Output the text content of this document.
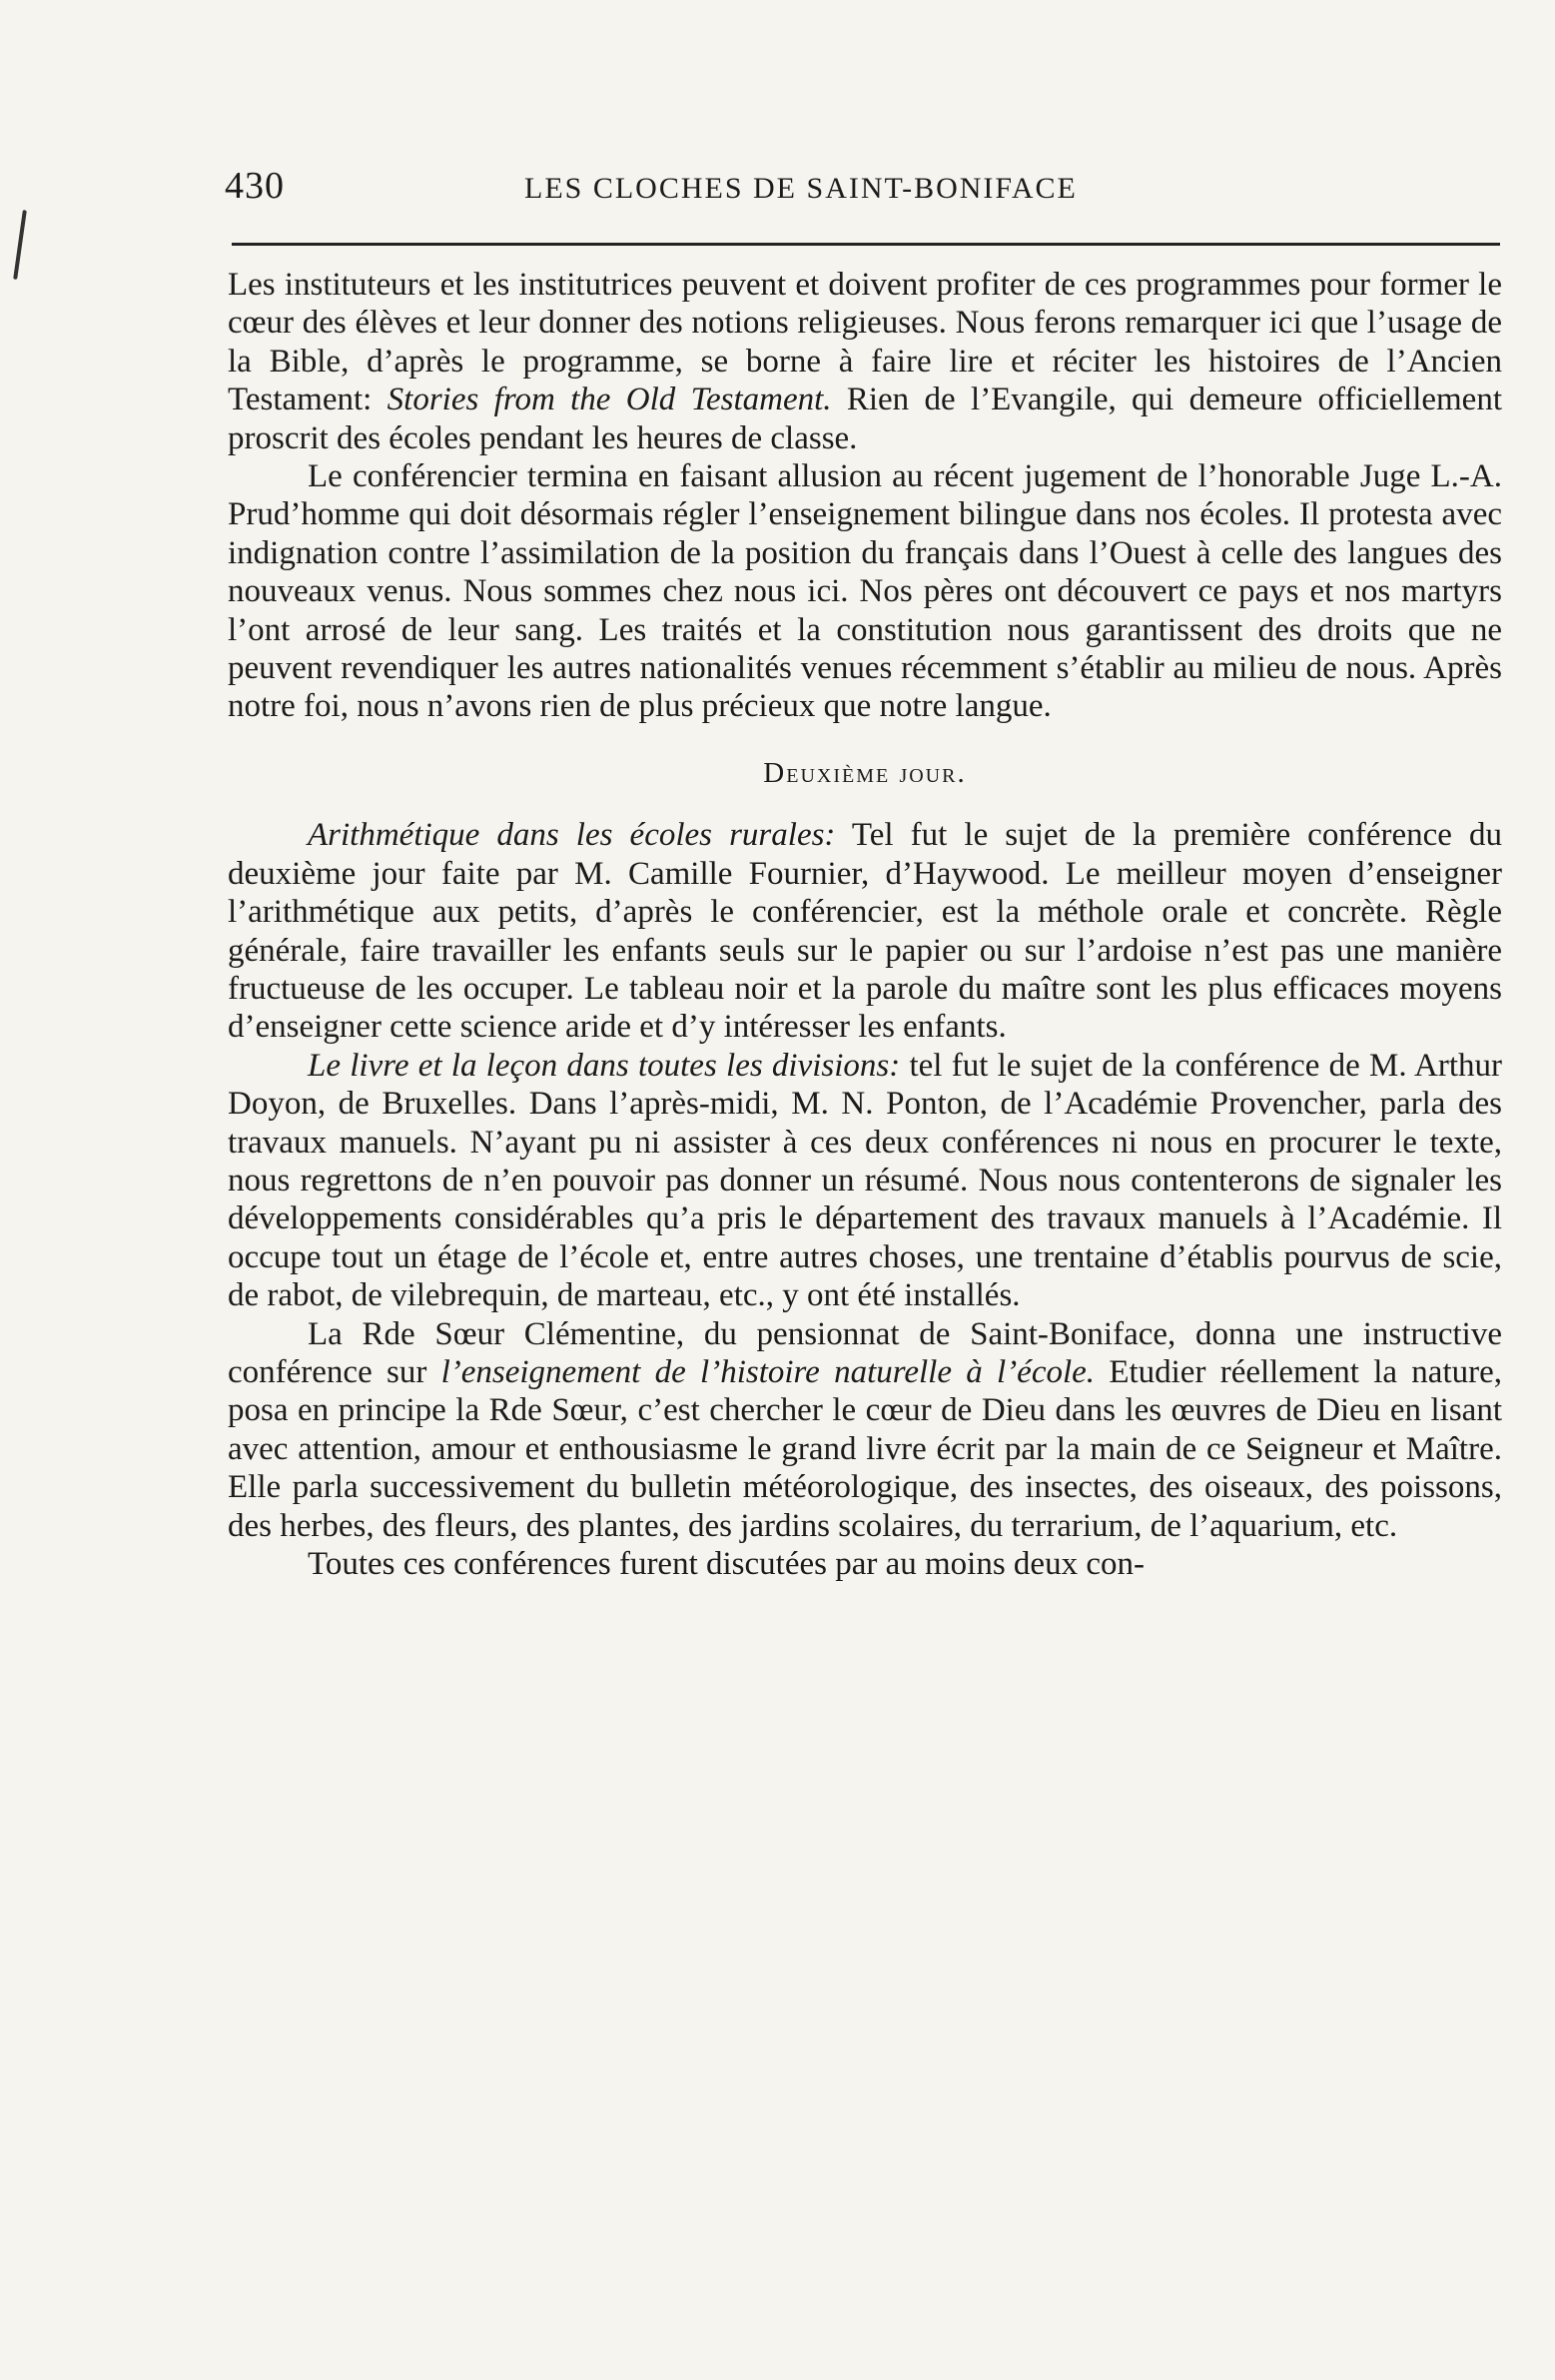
430	LES CLOCHES DE SAINT-BONIFACE

Les instituteurs et les institutrices peuvent et doivent profiter de ces programmes pour former le cœur des élèves et leur donner des notions religieuses. Nous ferons remarquer ici que l’usage de la Bible, d’après le programme, se borne à faire lire et réciter les histoires de l’Ancien Testament: Stories from the Old Testament. Rien de l’Evangile, qui demeure officiellement proscrit des écoles pendant les heures de classe.

Le conférencier termina en faisant allusion au récent jugement de l’honorable Juge L.-A. Prud’homme qui doit désormais régler l’enseignement bilingue dans nos écoles. Il protesta avec indignation contre l’assimilation de la position du français dans l’Ouest à celle des langues des nouveaux venus. Nous sommes chez nous ici. Nos pères ont découvert ce pays et nos martyrs l’ont arrosé de leur sang. Les traités et la constitution nous garantissent des droits que ne peuvent revendiquer les autres nationalités venues récemment s’établir au milieu de nous. Après notre foi, nous n’avons rien de plus précieux que notre langue.

Deuxième jour.

Arithmétique dans les écoles rurales: Tel fut le sujet de la première conférence du deuxième jour faite par M. Camille Fournier, d’Haywood. Le meilleur moyen d’enseigner l’arithmétique aux petits, d’après le conférencier, est la méthole orale et concrète. Règle générale, faire travailler les enfants seuls sur le papier ou sur l’ardoise n’est pas une manière fructueuse de les occuper. Le tableau noir et la parole du maître sont les plus efficaces moyens d’enseigner cette science aride et d’y intéresser les enfants.

Le livre et la leçon dans toutes les divisions: tel fut le sujet de la conférence de M. Arthur Doyon, de Bruxelles. Dans l’après-midi, M. N. Ponton, de l’Académie Provencher, parla des travaux manuels. N’ayant pu ni assister à ces deux conférences ni nous en procurer le texte, nous regrettons de n’en pouvoir pas donner un résumé. Nous nous contenterons de signaler les développements considérables qu’a pris le département des travaux manuels à l’Académie. Il occupe tout un étage de l’école et, entre autres choses, une trentaine d’établis pourvus de scie, de rabot, de vilebrequin, de marteau, etc., y ont été installés.

La Rde Sœur Clémentine, du pensionnat de Saint-Boniface, donna une instructive conférence sur l’enseignement de l’histoire naturelle à l’école. Etudier réellement la nature, posa en principe la Rde Sœur, c’est chercher le cœur de Dieu dans les œuvres de Dieu en lisant avec attention, amour et enthousiasme le grand livre écrit par la main de ce Seigneur et Maître. Elle parla successivement du bulletin météorologique, des insectes, des oiseaux, des poissons, des herbes, des fleurs, des plantes, des jardins scolaires, du terrarium, de l’aquarium, etc.

Toutes ces conférences furent discutées par au moins deux con-
